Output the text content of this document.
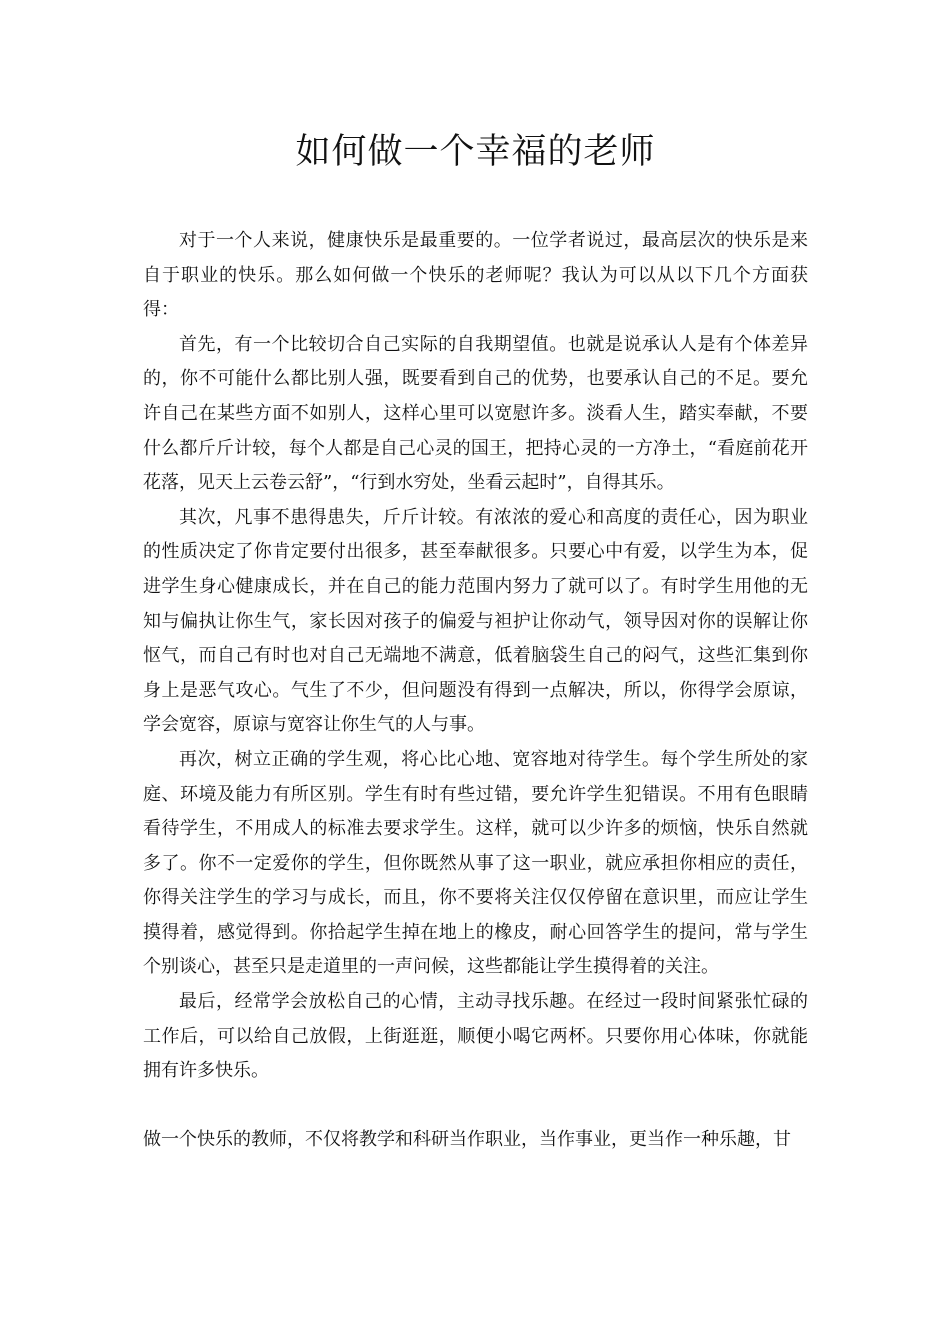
如何做一个幸福的老师

对于一个人来说，健康快乐是最重要的。一位学者说过，最高层次的快乐是来自于职业的快乐。那么如何做一个快乐的老师呢？我认为可以从以下几个方面获得：

首先，有一个比较切合自己实际的自我期望值。也就是说承认人是有个体差异的，你不可能什么都比别人强，既要看到自己的优势，也要承认自己的不足。要允许自己在某些方面不如别人，这样心里可以宽慰许多。淡看人生，踏实奉献，不要什么都斤斤计较，每个人都是自己心灵的国王，把持心灵的一方净土，“看庭前花开花落，见天上云卷云舒”，“行到水穷处，坐看云起时”，自得其乐。

其次，凡事不患得患失，斤斤计较。有浓浓的爱心和高度的责任心，因为职业的性质决定了你肯定要付出很多，甚至奉献很多。只要心中有爱，以学生为本，促进学生身心健康成长，并在自己的能力范围内努力了就可以了。有时学生用他的无知与偏执让你生气，家长因对孩子的偏爱与袒护让你动气，领导因对你的误解让你怄气，而自己有时也对自己无端地不满意，低着脑袋生自己的闷气，这些汇集到你身上是恶气攻心。气生了不少，但问题没有得到一点解决，所以，你得学会原谅，学会宽容，原谅与宽容让你生气的人与事。

再次，树立正确的学生观，将心比心地、宽容地对待学生。每个学生所处的家庭、环境及能力有所区别。学生有时有些过错，要允许学生犯错误。不用有色眼睛看待学生，不用成人的标准去要求学生。这样，就可以少许多的烦恼，快乐自然就多了。你不一定爱你的学生，但你既然从事了这一职业，就应承担你相应的责任，你得关注学生的学习与成长，而且，你不要将关注仅仅停留在意识里，而应让学生摸得着，感觉得到。你拾起学生掉在地上的橡皮，耐心回答学生的提问，常与学生个别谈心，甚至只是走道里的一声问候，这些都能让学生摸得着的关注。

最后，经常学会放松自己的心情，主动寻找乐趣。在经过一段时间紧张忙碌的工作后，可以给自己放假，上街逛逛，顺便小喝它两杯。只要你用心体味，你就能拥有许多快乐。

做一个快乐的教师，不仅将教学和科研当作职业，当作事业，更当作一种乐趣，甘
